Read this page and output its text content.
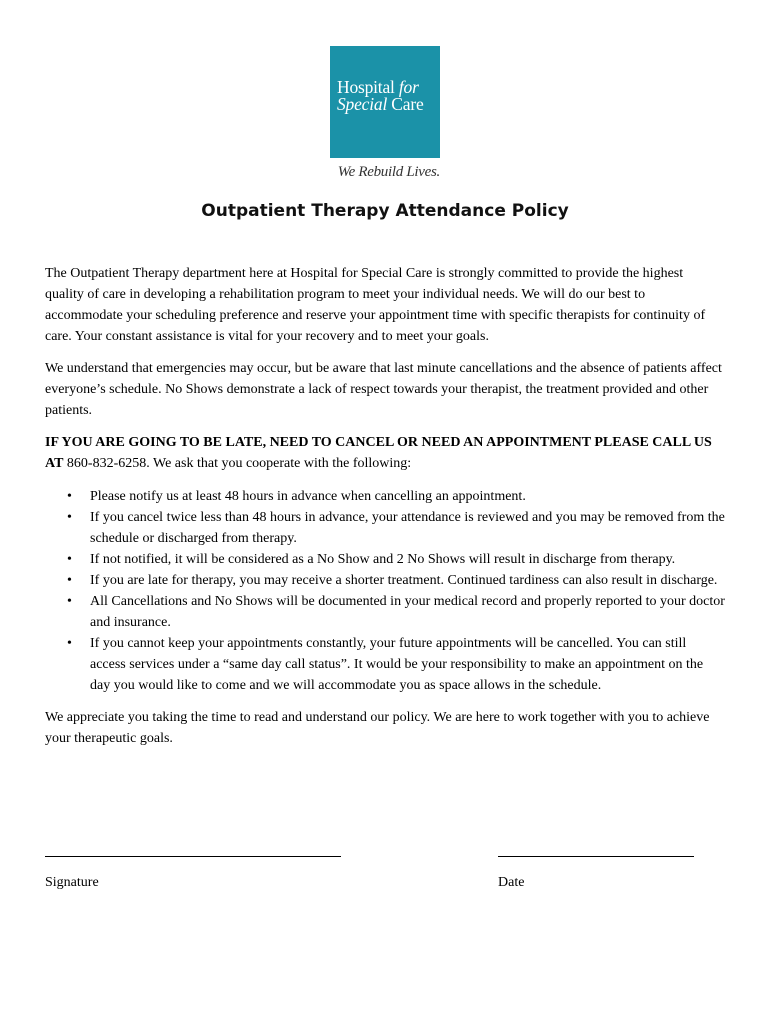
Hospital for
Special Care
We Rebuild Lives.
Outpatient Therapy Attendance Policy

The Outpatient Therapy department here at Hospital for Special Care is strongly committed to provide the highest quality of care in developing a rehabilitation program to meet your individual needs. We will do our best to accommodate your scheduling preference and reserve your appointment time with specific therapists for continuity of care. Your constant assistance is vital for your recovery and to meet your goals.

We understand that emergencies may occur, but be aware that last minute cancellations and the absence of patients affect everyone’s schedule. No Shows demonstrate a lack of respect towards your therapist, the treatment provided and other patients.

IF YOU ARE GOING TO BE LATE, NEED TO CANCEL OR NEED AN APPOINTMENT PLEASE CALL US AT 860-832-6258. We ask that you cooperate with the following:

• Please notify us at least 48 hours in advance when cancelling an appointment.
• If you cancel twice less than 48 hours in advance, your attendance is reviewed and you may be removed from the schedule or discharged from therapy.
• If not notified, it will be considered as a No Show and 2 No Shows will result in discharge from therapy.
• If you are late for therapy, you may receive a shorter treatment. Continued tardiness can also result in discharge.
• All Cancellations and No Shows will be documented in your medical record and properly reported to your doctor and insurance.
• If you cannot keep your appointments constantly, your future appointments will be cancelled. You can still access services under a “same day call status”. It would be your responsibility to make an appointment on the day you would like to come and we will accommodate you as space allows in the schedule.

We appreciate you taking the time to read and understand our policy. We are here to work together with you to achieve your therapeutic goals.

Signature	Date
